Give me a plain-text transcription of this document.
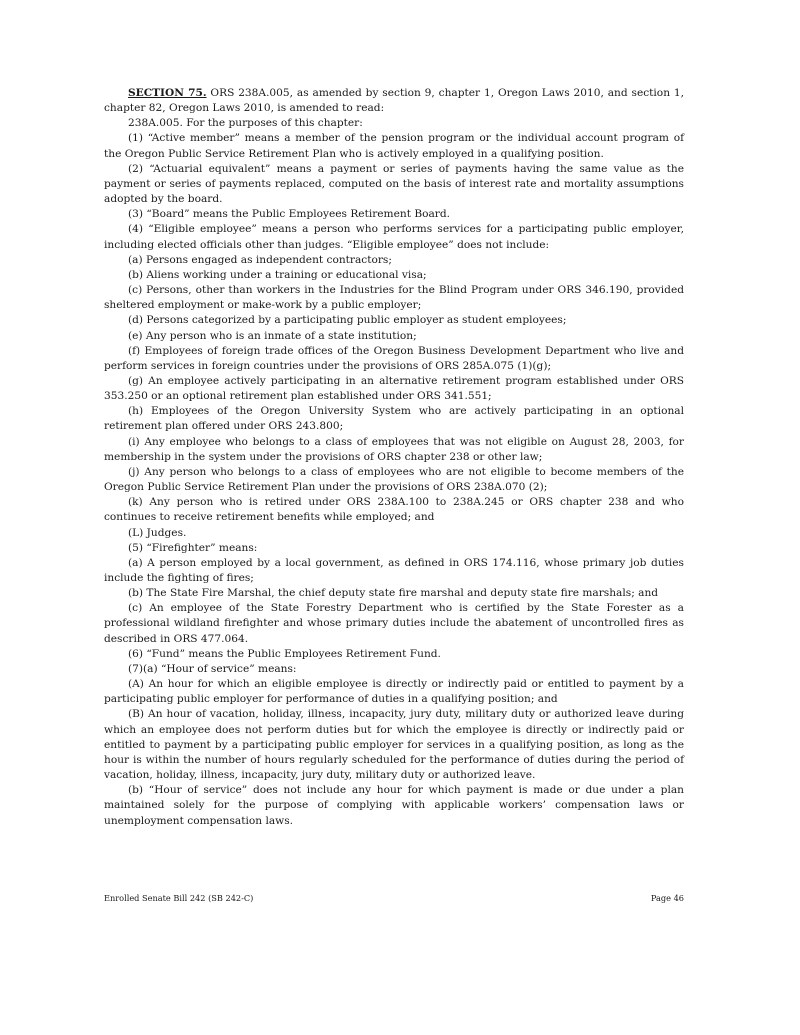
SECTION 75. ORS 238A.005, as amended by section 9, chapter 1, Oregon Laws 2010, and section 1, chapter 82, Oregon Laws 2010, is amended to read:

238A.005. For the purposes of this chapter:

(1) “Active member” means a member of the pension program or the individual account program of the Oregon Public Service Retirement Plan who is actively employed in a qualifying position.

(2) “Actuarial equivalent” means a payment or series of payments having the same value as the payment or series of payments replaced, computed on the basis of interest rate and mortality assumptions adopted by the board.

(3) “Board” means the Public Employees Retirement Board.

(4) “Eligible employee” means a person who performs services for a participating public employer, including elected officials other than judges. “Eligible employee” does not include:

(a) Persons engaged as independent contractors;

(b) Aliens working under a training or educational visa;

(c) Persons, other than workers in the Industries for the Blind Program under ORS 346.190, provided sheltered employment or make-work by a public employer;

(d) Persons categorized by a participating public employer as student employees;

(e) Any person who is an inmate of a state institution;

(f) Employees of foreign trade offices of the Oregon Business Development Department who live and perform services in foreign countries under the provisions of ORS 285A.075 (1)(g);

(g) An employee actively participating in an alternative retirement program established under ORS 353.250 or an optional retirement plan established under ORS 341.551;

(h) Employees of the Oregon University System who are actively participating in an optional retirement plan offered under ORS 243.800;

(i) Any employee who belongs to a class of employees that was not eligible on August 28, 2003, for membership in the system under the provisions of ORS chapter 238 or other law;

(j) Any person who belongs to a class of employees who are not eligible to become members of the Oregon Public Service Retirement Plan under the provisions of ORS 238A.070 (2);

(k) Any person who is retired under ORS 238A.100 to 238A.245 or ORS chapter 238 and who continues to receive retirement benefits while employed; and

(L) Judges.

(5) “Firefighter” means:

(a) A person employed by a local government, as defined in ORS 174.116, whose primary job duties include the fighting of fires;

(b) The State Fire Marshal, the chief deputy state fire marshal and deputy state fire marshals; and

(c) An employee of the State Forestry Department who is certified by the State Forester as a professional wildland firefighter and whose primary duties include the abatement of uncontrolled fires as described in ORS 477.064.

(6) “Fund” means the Public Employees Retirement Fund.

(7)(a) “Hour of service” means:

(A) An hour for which an eligible employee is directly or indirectly paid or entitled to payment by a participating public employer for performance of duties in a qualifying position; and

(B) An hour of vacation, holiday, illness, incapacity, jury duty, military duty or authorized leave during which an employee does not perform duties but for which the employee is directly or indirectly paid or entitled to payment by a participating public employer for services in a qualifying position, as long as the hour is within the number of hours regularly scheduled for the performance of duties during the period of vacation, holiday, illness, incapacity, jury duty, military duty or authorized leave.

(b) “Hour of service” does not include any hour for which payment is made or due under a plan maintained solely for the purpose of complying with applicable workers’ compensation laws or unemployment compensation laws.

Enrolled Senate Bill 242 (SB 242-C)	Page 46
